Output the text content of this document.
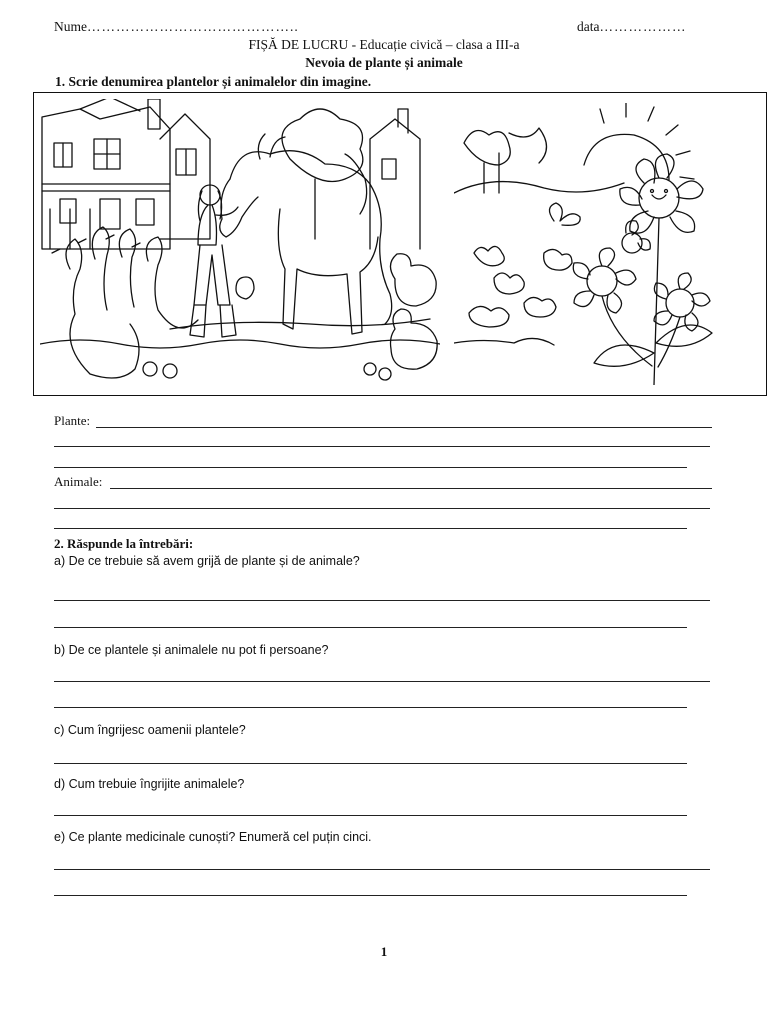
Nume……………………………………..	data………………
FIȘĂ DE LUCRU - Educație civică – clasa a III-a
Nevoia de plante și animale
1. Scrie denumirea plantelor și animalelor din imagine.
Plante:
Animale:
2. Răspunde la întrebări:
a) De ce trebuie să avem grijă de plante și de animale?
b) De ce plantele și animalele nu pot fi persoane?
c) Cum îngrijesc oamenii plantele?
d) Cum trebuie îngrijite animalele?
e) Ce plante medicinale cunoști? Enumeră cel puțin cinci.
1
